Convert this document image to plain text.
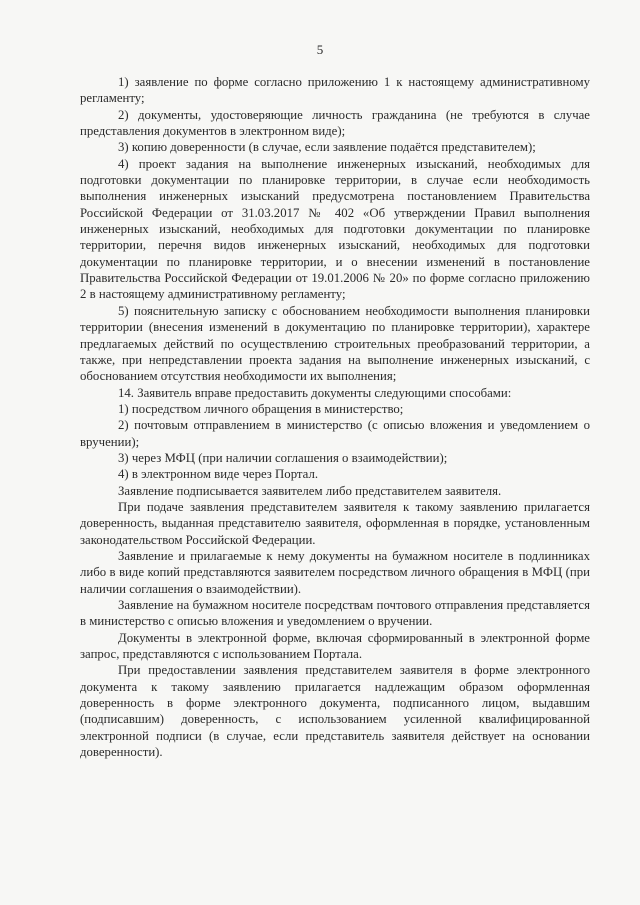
5

1) заявление по форме согласно приложению 1 к настоящему административному регламенту;

2) документы, удостоверяющие личность гражданина (не требуются в случае представления документов в электронном виде);

3) копию доверенности (в случае, если заявление подаётся представителем);

4) проект задания на выполнение инженерных изысканий, необходимых для подготовки документации по планировке территории, в случае если необходимость выполнения инженерных изысканий предусмотрена постановлением Правительства Российской Федерации от 31.03.2017 № 402 «Об утверждении Правил выполнения инженерных изысканий, необходимых для подготовки документации по планировке территории, перечня видов инженерных изысканий, необходимых для подготовки документации по планировке территории, и о внесении изменений в постановление Правительства Российской Федерации от 19.01.2006 № 20» по форме согласно приложению 2 в настоящему административному регламенту;

5) пояснительную записку с обоснованием необходимости выполнения планировки территории (внесения изменений в документацию по планировке территории), характере предлагаемых действий по осуществлению строительных преобразований территории, а также, при непредставлении проекта задания на выполнение инженерных изысканий, с обоснованием отсутствия необходимости их выполнения;

14. Заявитель вправе предоставить документы следующими способами:

1) посредством личного обращения в министерство;

2) почтовым отправлением в министерство (с описью вложения и уведомлением о вручении);

3) через МФЦ (при наличии соглашения о взаимодействии);

4) в электронном виде через Портал.

Заявление подписывается заявителем либо представителем заявителя.

При подаче заявления представителем заявителя к такому заявлению прилагается доверенность, выданная представителю заявителя, оформленная в порядке, установленным законодательством Российской Федерации.

Заявление и прилагаемые к нему документы на бумажном носителе в подлинниках либо в виде копий представляются заявителем посредством личного обращения в МФЦ (при наличии соглашения о взаимодействии).

Заявление на бумажном носителе посредствам почтового отправления представляется в министерство с описью вложения и уведомлением о вручении.

Документы в электронной форме, включая сформированный в электронной форме запрос, представляются с использованием Портала.

При предоставлении заявления представителем заявителя в форме электронного документа к такому заявлению прилагается надлежащим образом оформленная доверенность в форме электронного документа, подписанного лицом, выдавшим (подписавшим) доверенность, с использованием усиленной квалифицированной электронной подписи (в случае, если представитель заявителя действует на основании доверенности).
